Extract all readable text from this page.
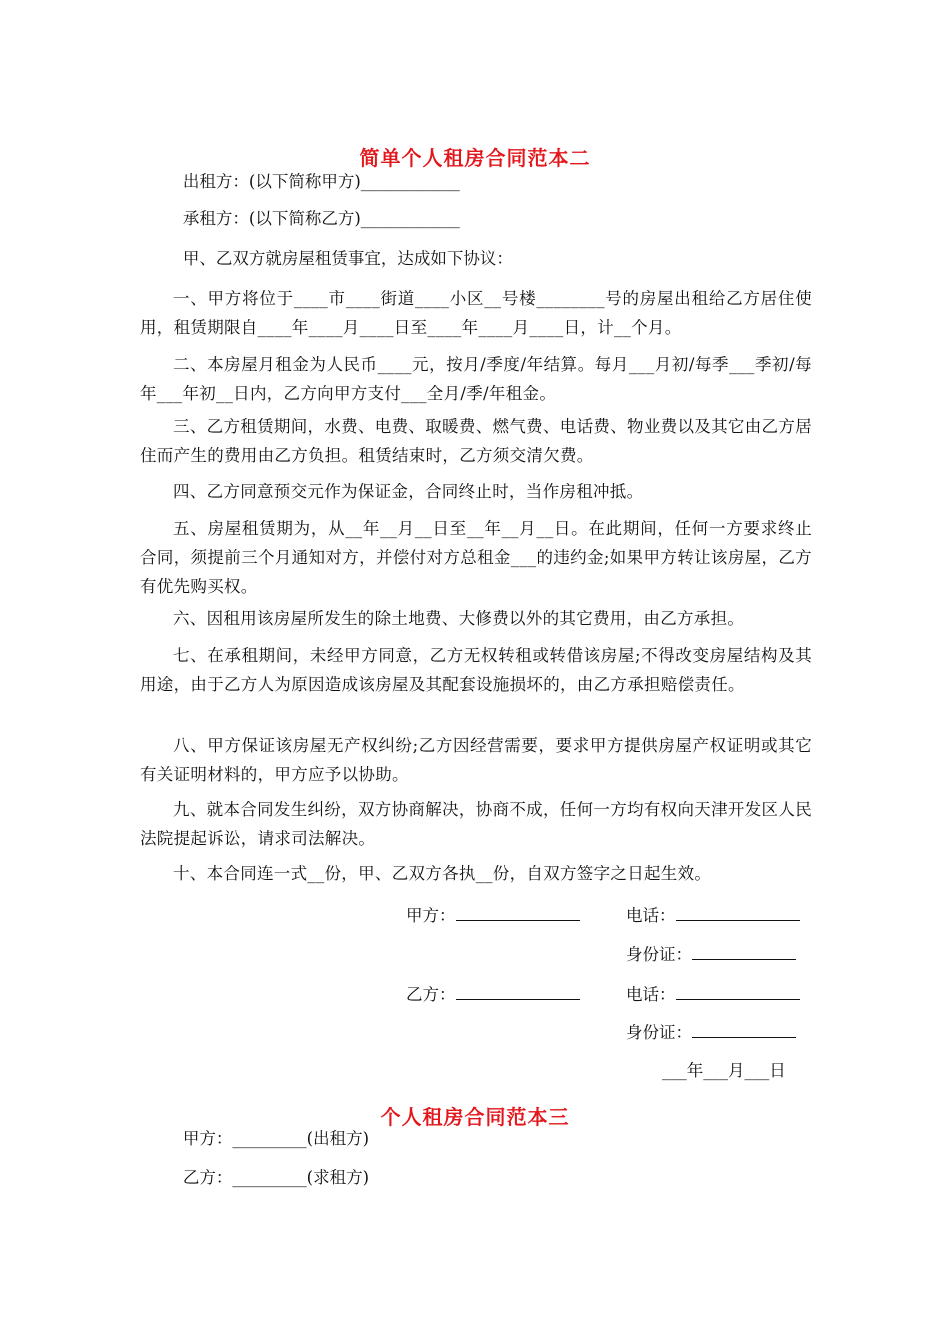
简单个人租房合同范本二
出租方：(以下简称甲方)____________
承租方：(以下简称乙方)____________
甲、乙双方就房屋租赁事宜，达成如下协议：
一、甲方将位于____市____街道____小区__号楼________号的房屋出租给乙方居住使用，租赁期限自____年____月____日至____年____月____日，计__个月。
二、本房屋月租金为人民币____元，按月/季度/年结算。每月___月初/每季___季初/每年___年初__日内，乙方向甲方支付___全月/季/年租金。
三、乙方租赁期间，水费、电费、取暖费、燃气费、电话费、物业费以及其它由乙方居住而产生的费用由乙方负担。租赁结束时，乙方须交清欠费。
四、乙方同意预交元作为保证金，合同终止时，当作房租冲抵。
五、房屋租赁期为，从__年__月__日至__年__月__日。在此期间，任何一方要求终止合同，须提前三个月通知对方，并偿付对方总租金___的违约金;如果甲方转让该房屋，乙方有优先购买权。
六、因租用该房屋所发生的除土地费、大修费以外的其它费用，由乙方承担。
七、在承租期间，未经甲方同意，乙方无权转租或转借该房屋;不得改变房屋结构及其用途，由于乙方人为原因造成该房屋及其配套设施损坏的，由乙方承担赔偿责任。
八、甲方保证该房屋无产权纠纷;乙方因经营需要，要求甲方提供房屋产权证明或其它有关证明材料的，甲方应予以协助。
九、就本合同发生纠纷，双方协商解决，协商不成，任何一方均有权向天津开发区人民法院提起诉讼，请求司法解决。
十、本合同连一式__份，甲、乙双方各执__份，自双方签字之日起生效。
甲方：	电话：
身份证：
乙方：	电话：
身份证：
___年___月___日
个人租房合同范本三
甲方：_________(出租方)
乙方：_________(求租方)
